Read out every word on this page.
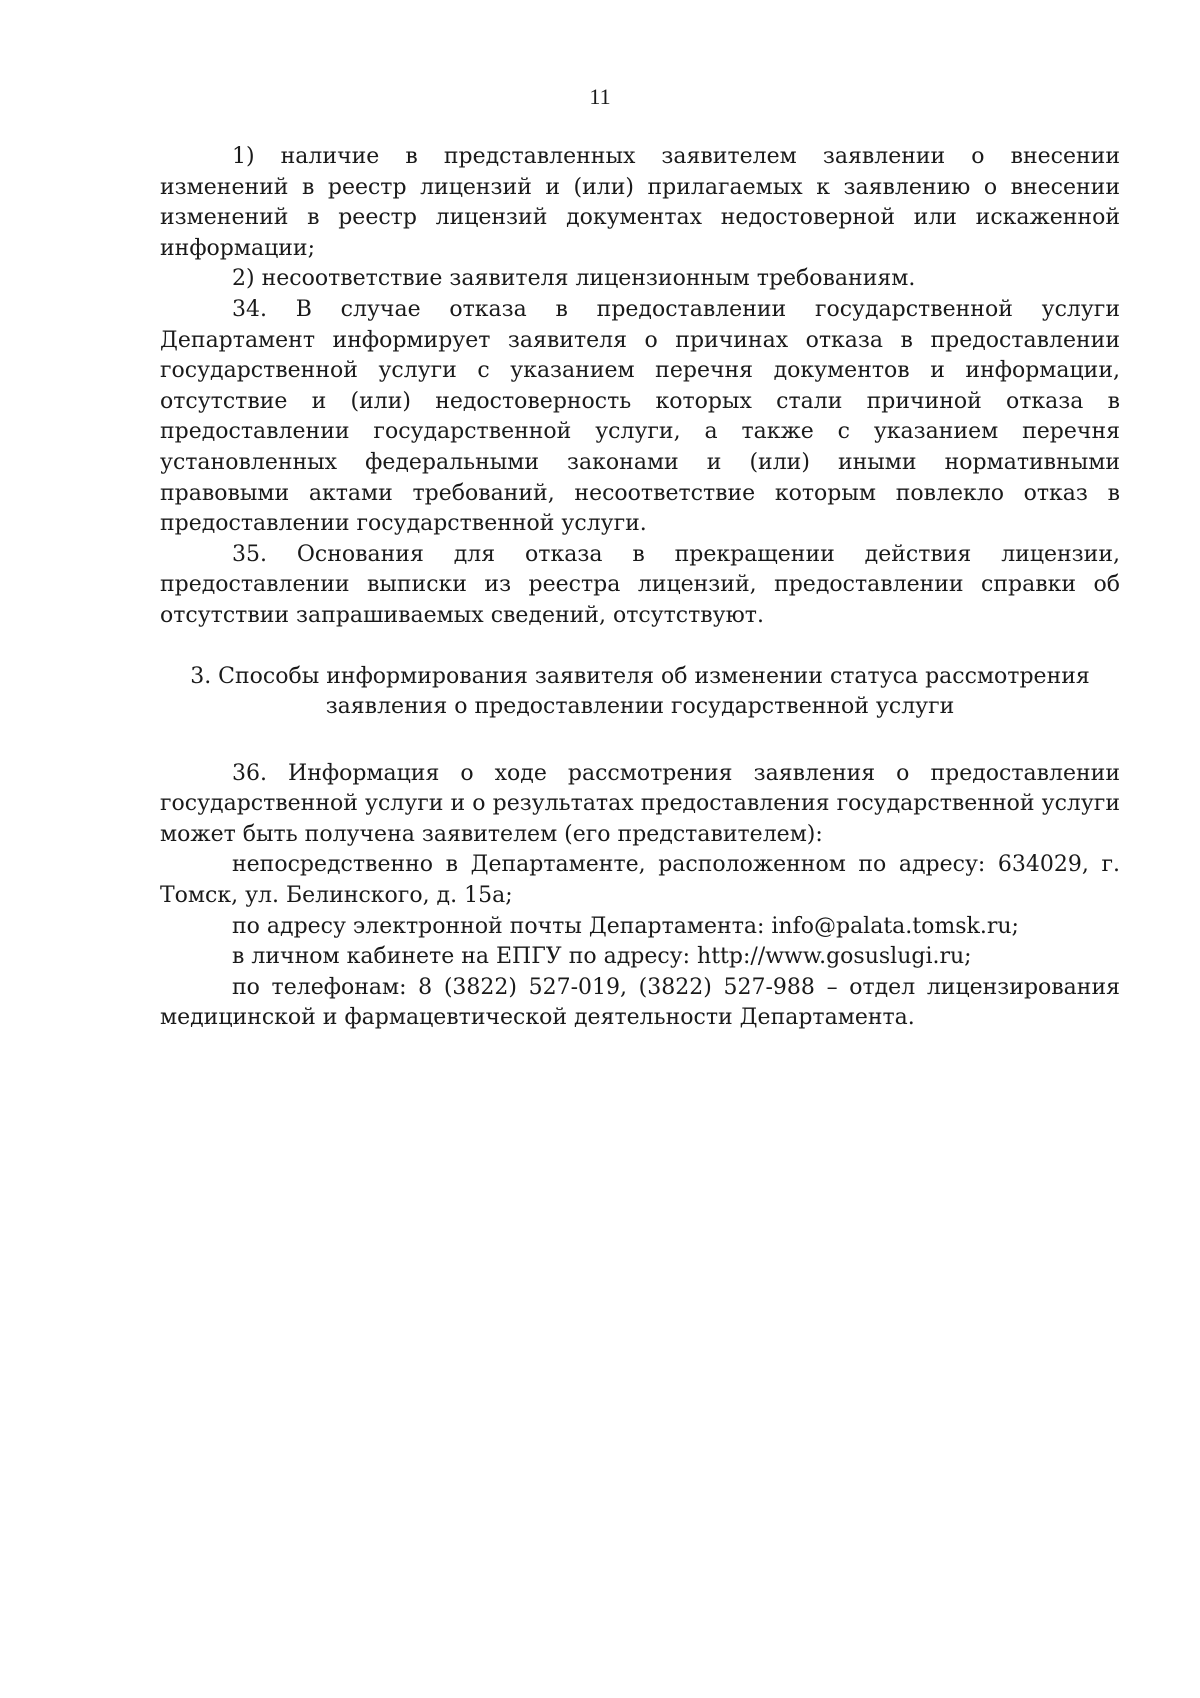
11

1) наличие в представленных заявителем заявлении о внесении изменений в реестр лицензий и (или) прилагаемых к заявлению о внесении изменений в реестр лицензий документах недостоверной или искаженной информации;

2) несоответствие заявителя лицензионным требованиям.

34. В случае отказа в предоставлении государственной услуги Департамент информирует заявителя о причинах отказа в предоставлении государственной услуги с указанием перечня документов и информации, отсутствие и (или) недостоверность которых стали причиной отказа в предоставлении государственной услуги, а также с указанием перечня установленных федеральными законами и (или) иными нормативными правовыми актами требований, несоответствие которым повлекло отказ в предоставлении государственной услуги.

35. Основания для отказа в прекращении действия лицензии, предоставлении выписки из реестра лицензий, предоставлении справки об отсутствии запрашиваемых сведений, отсутствуют.

3. Способы информирования заявителя об изменении статуса рассмотрения
заявления о предоставлении государственной услуги

36. Информация о ходе рассмотрения заявления о предоставлении государственной услуги и о результатах предоставления государственной услуги может быть получена заявителем (его представителем):

непосредственно в Департаменте, расположенном по адресу: 634029, г. Томск, ул. Белинского, д. 15а;

по адресу электронной почты Департамента: info@palata.tomsk.ru;

в личном кабинете на ЕПГУ по адресу: http://www.gosuslugi.ru;

по телефонам: 8 (3822) 527-019, (3822) 527-988 – отдел лицензирования медицинской и фармацевтической деятельности Департамента.
